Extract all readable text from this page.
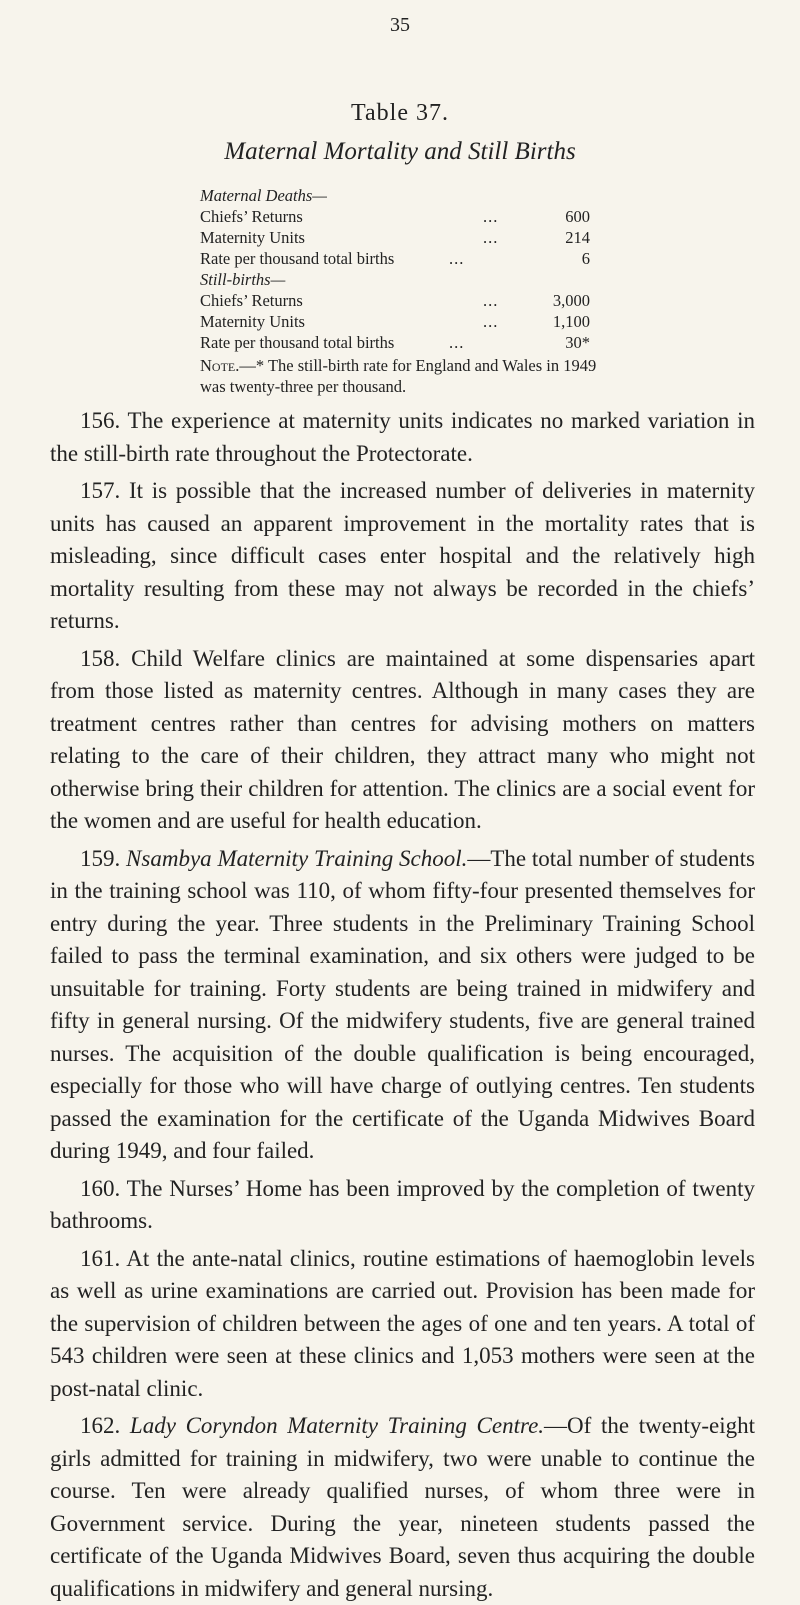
35
Table 37.
Maternal Mortality and Still Births
Maternal Deaths—
Chiefs’ Returns	...	600
Maternity Units	...	214
Rate per thousand total births	...	6
Still-births—
Chiefs’ Returns	...	3,000
Maternity Units	...	1,100
Rate per thousand total births	...	30*
Note.—* The still-birth rate for England and Wales in 1949 was twenty-three per thousand.

156. The experience at maternity units indicates no marked variation in the still-birth rate throughout the Protectorate.

157. It is possible that the increased number of deliveries in maternity units has caused an apparent improvement in the mortality rates that is misleading, since difficult cases enter hospital and the relatively high mortality resulting from these may not always be recorded in the chiefs’ returns.

158. Child Welfare clinics are maintained at some dispensaries apart from those listed as maternity centres. Although in many cases they are treatment centres rather than centres for advising mothers on matters relating to the care of their children, they attract many who might not otherwise bring their children for attention. The clinics are a social event for the women and are useful for health education.

159. Nsambya Maternity Training School.—The total number of students in the training school was 110, of whom fifty-four presented themselves for entry during the year. Three students in the Preliminary Training School failed to pass the terminal examination, and six others were judged to be unsuitable for training. Forty students are being trained in midwifery and fifty in general nursing. Of the midwifery students, five are general trained nurses. The acquisition of the double qualification is being encouraged, especially for those who will have charge of outlying centres. Ten students passed the examination for the certificate of the Uganda Midwives Board during 1949, and four failed.

160. The Nurses’ Home has been improved by the completion of twenty bathrooms.

161. At the ante-natal clinics, routine estimations of haemoglobin levels as well as urine examinations are carried out. Provision has been made for the supervision of children between the ages of one and ten years. A total of 543 children were seen at these clinics and 1,053 mothers were seen at the post-natal clinic.

162. Lady Coryndon Maternity Training Centre.—Of the twenty-eight girls admitted for training in midwifery, two were unable to continue the course. Ten were already qualified nurses, of whom three were in Government service. During the year, nineteen students passed the certificate of the Uganda Midwives Board, seven thus acquiring the double qualifications in midwifery and general nursing.
